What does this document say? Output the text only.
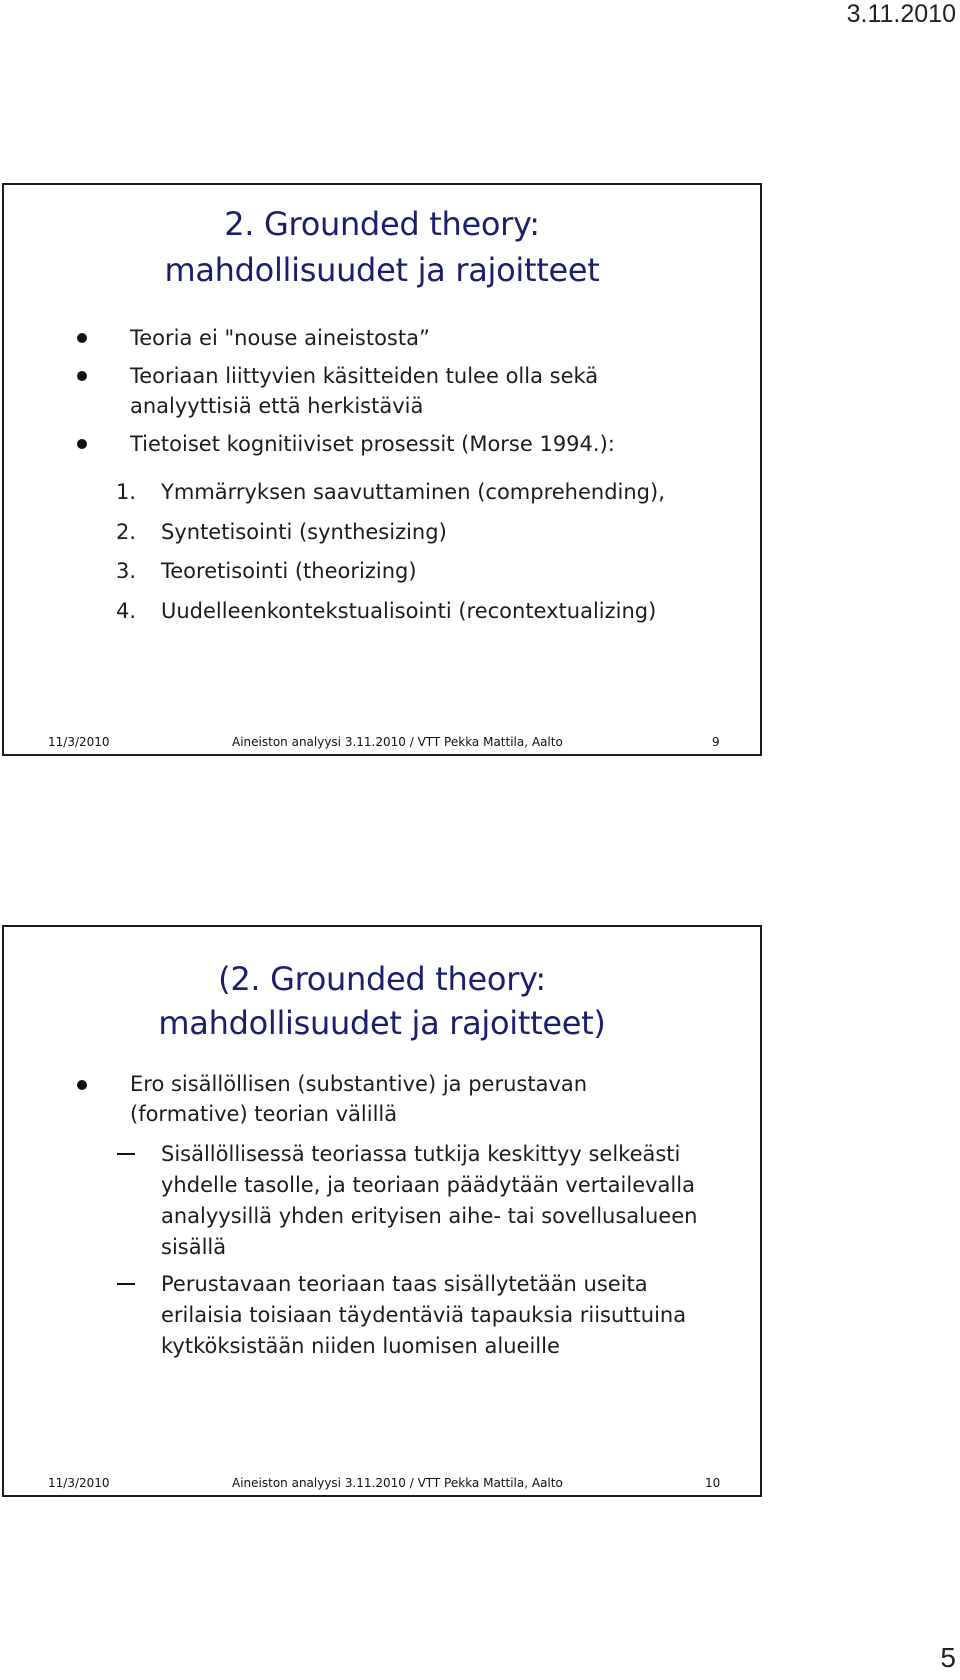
3.11.2010
2. Grounded theory:
mahdollisuudet ja rajoitteet
Teoria ei "nouse aineistosta”
Teoriaan liittyvien käsitteiden tulee olla sekä
analyyttisiä että herkistäviä
Tietoiset kognitiiviset prosessit (Morse 1994.):
1. Ymmärryksen saavuttaminen (comprehending),
2. Syntetisointi (synthesizing)
3. Teoretisointi (theorizing)
4. Uudelleenkontekstualisointi (recontextualizing)
11/3/2010	Aineiston analyysi 3.11.2010 / VTT Pekka Mattila, Aalto	9
(2. Grounded theory:
mahdollisuudet ja rajoitteet)
Ero sisällöllisen (substantive) ja perustavan
(formative) teorian välillä
Sisällöllisessä teoriassa tutkija keskittyy selkeästi
yhdelle tasolle, ja teoriaan päädytään vertailevalla
analyysillä yhden erityisen aihe- tai sovellusalueen
sisällä
Perustavaan teoriaan taas sisällytetään useita
erilaisia toisiaan täydentäviä tapauksia riisuttuina
kytköksistään niiden luomisen alueille
11/3/2010	Aineiston analyysi 3.11.2010 / VTT Pekka Mattila, Aalto	10
5
